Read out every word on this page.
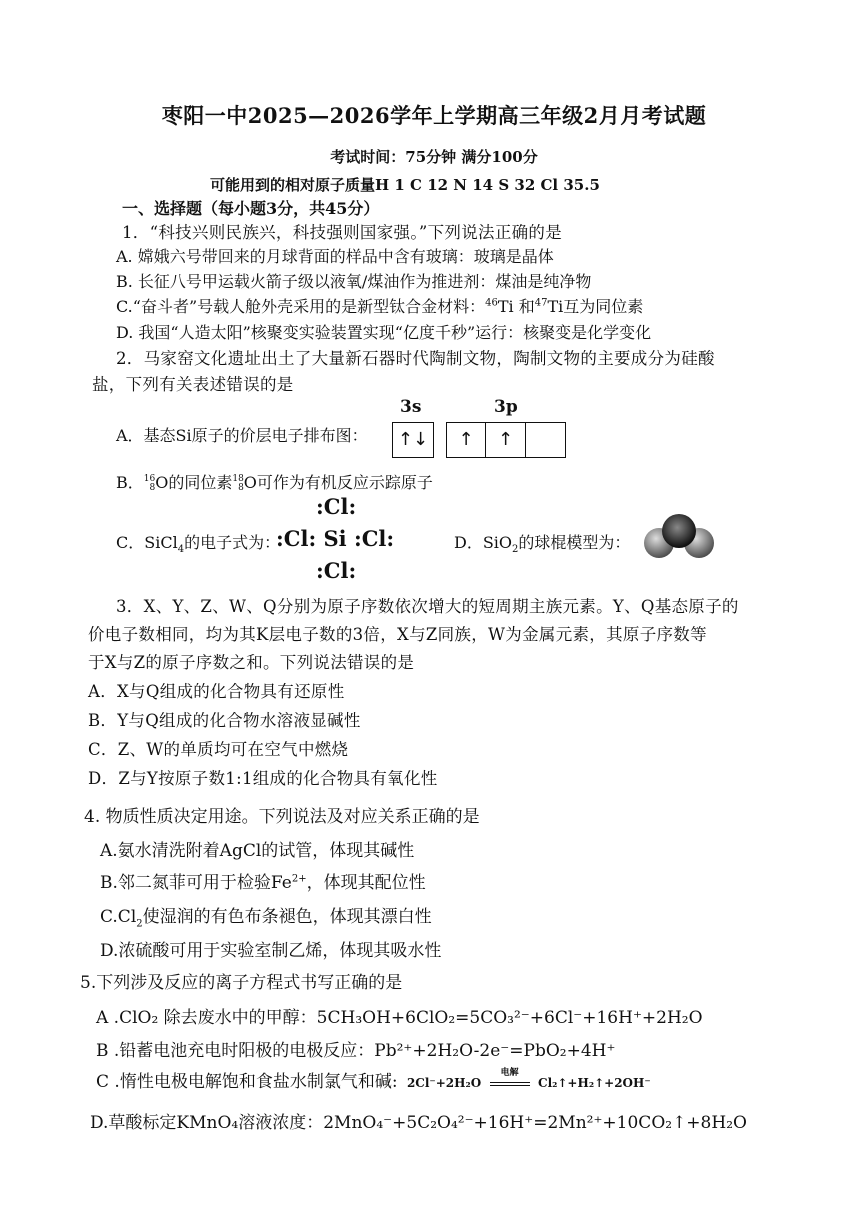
枣阳一中2025—2026学年上学期高三年级2月月考试题
考试时间：75分钟 满分100分
可能用到的相对原子质量H 1 C 12 N 14 S 32 Cl 35.5
一、选择题（每小题3分，共45分）
1．“科技兴则民族兴，科技强则国家强。”下列说法正确的是
A. 嫦娥六号带回来的月球背面的样品中含有玻璃：玻璃是晶体
B. 长征八号甲运载火箭子级以液氧/煤油作为推进剂：煤油是纯净物
C.“奋斗者”号载人舱外壳采用的是新型钛合金材料：$^{46}$Ti 和$^{47}$Ti互为同位素
D. 我国“人造太阳”核聚变实验装置实现“亿度千秒”运行：核聚变是化学变化
2．马家窑文化遗址出土了大量新石器时代陶制文物，陶制文物的主要成分为硅酸
盐，下列有关表述错误的是
A．基态Si原子的价层电子排布图：
3s	3p
↑↓	↑	↑
B．16
8O的同位素18
8O可作为有机反应示踪原子
C．SiCl$_4$的电子式为：
:Cl:
:Cl: Si :Cl:
:Cl:
D．SiO$_2$的球棍模型为：
3．X、Y、Z、W、Q分别为原子序数依次增大的短周期主族元素。Y、Q基态原子的
价电子数相同，均为其K层电子数的3倍，X与Z同族，W为金属元素，其原子序数等
于X与Z的原子序数之和。下列说法错误的是
A．X与Q组成的化合物具有还原性
B．Y与Q组成的化合物水溶液显碱性
C．Z、W的单质均可在空气中燃烧
D．Z与Y按原子数1:1组成的化合物具有氧化性
4. 物质性质决定用途。下列说法及对应关系正确的是
A.氨水清洗附着AgCl的试管，体现其碱性
B.邻二氮菲可用于检验$Fe^{2+}$，体现其配位性
$C.Cl_2$使湿润的有色布条褪色，体现其漂白性
D.浓硫酸可用于实验室制乙烯，体现其吸水性
5.下列涉及反应的离子方程式书写正确的是
A .ClO₂ 除去废水中的甲醇：5CH₃OH+6ClO₂=5CO₃²⁻+6Cl⁻+16H⁺+2H₂O
B .铅蓄电池充电时阳极的电极反应：Pb²⁺+2H₂O-2e⁻=PbO₂+4H⁺
C .惰性电极电解饱和食盐水制氯气和碱: 2Cl⁻+2H₂O
电解
Cl₂↑+H₂↑+2OH⁻
D.草酸标定KMnO₄溶液浓度：2MnO₄⁻+5C₂O₄²⁻+16H⁺=2Mn²⁺+10CO₂↑+8H₂O
